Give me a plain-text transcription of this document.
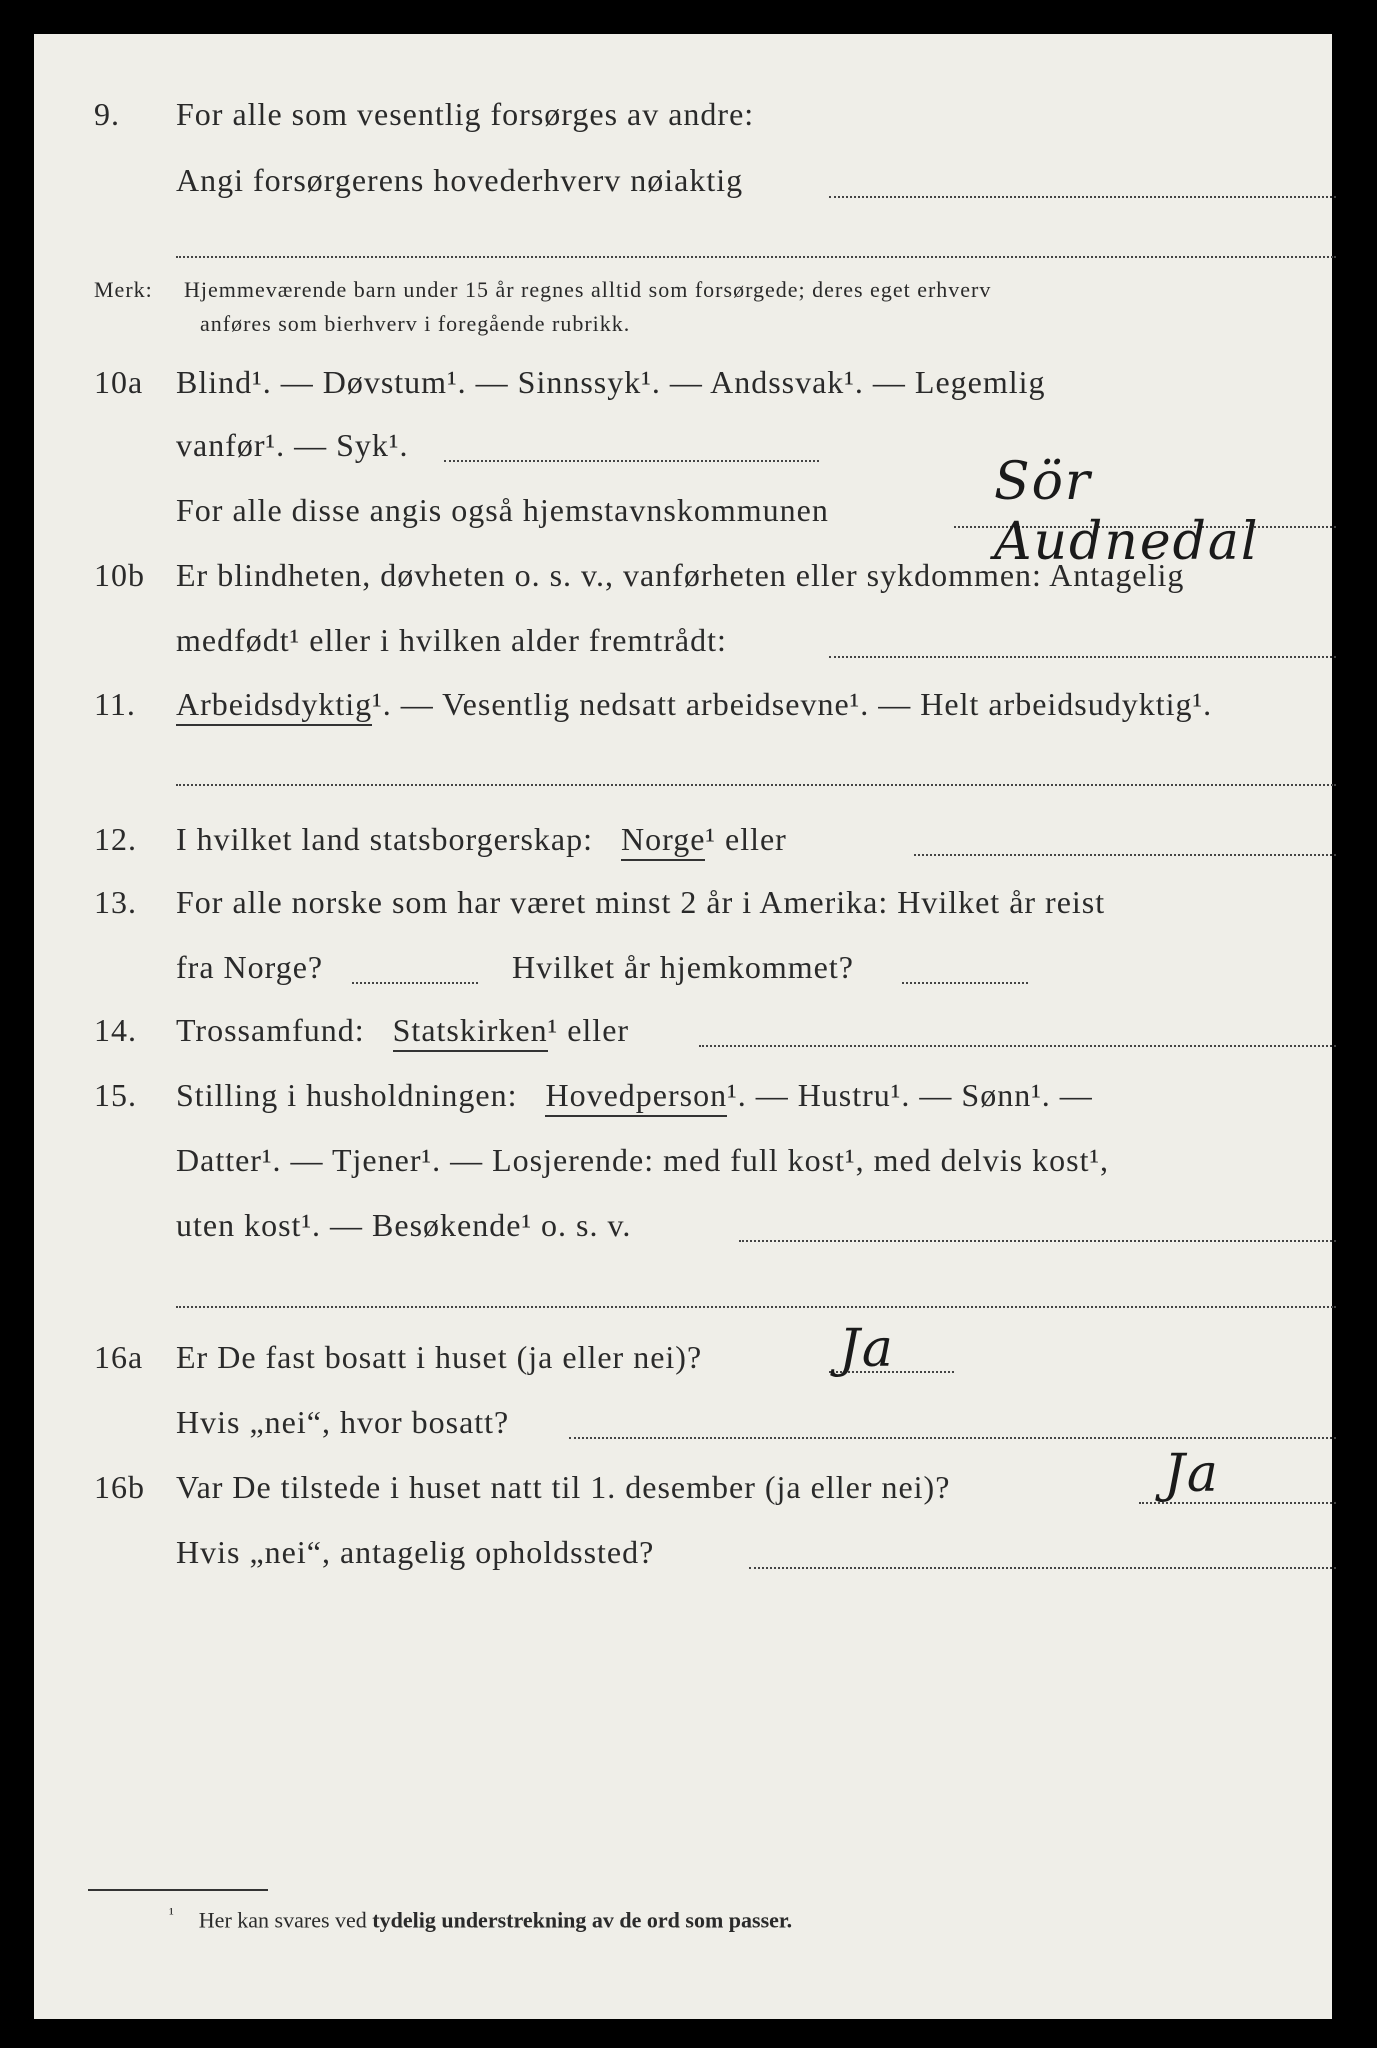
9. For alle som vesentlig forsørges av andre:
Angi forsørgerens hovederhverv nøiaktig
Merk: Hjemmeværende barn under 15 år regnes alltid som forsørgede; deres eget erhverv
anføres som bierhverv i foregående rubrikk.
10a Blind¹. — Døvstum¹. — Sinnssyk¹. — Andssvak¹. — Legemlig
vanfør¹. — Syk¹.
For alle disse angis også hjemstavnskommunen	Sör Audnedal
10b Er blindheten, døvheten o. s. v., vanførheten eller sykdommen: Antagelig
medfødt¹ eller i hvilken alder fremtrådt:
11. Arbeidsdyktig¹. — Vesentlig nedsatt arbeidsevne¹. — Helt arbeidsudyktig¹.
12. I hvilket land statsborgerskap: Norge¹ eller
13. For alle norske som har været minst 2 år i Amerika: Hvilket år reist
fra Norge?	Hvilket år hjemkommet?
14. Trossamfund: Statskirken¹ eller
15. Stilling i husholdningen: Hovedperson¹. — Hustru¹. — Sønn¹. —
Datter¹. — Tjener¹. — Losjerende: med full kost¹, med delvis kost¹,
uten kost¹. — Besøkende¹ o. s. v.
16a Er De fast bosatt i huset (ja eller nei)?	Ja
Hvis „nei“, hvor bosatt?
16b Var De tilstede i huset natt til 1. desember (ja eller nei)?	Ja
Hvis „nei“, antagelig opholdssted?
$^{^1}$ Her kan svares ved tydelig understrekning av de ord som passer.
